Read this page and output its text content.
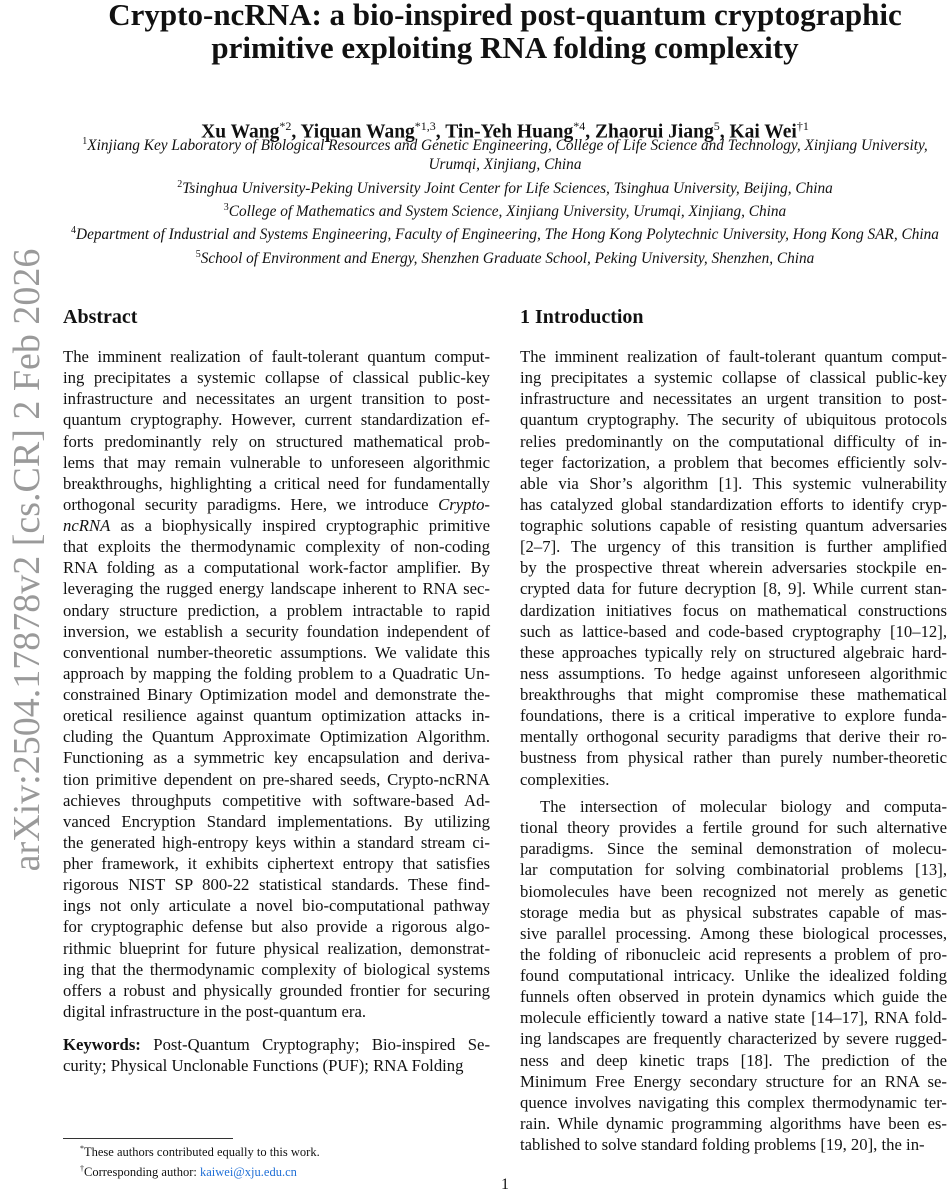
arXiv:2504.17878v2 [cs.CR] 2 Feb 2026
Crypto-ncRNA: a bio-inspired post-quantum cryptographic
primitive exploiting RNA folding complexity
Xu Wang$^{*2}$, Yiquan Wang$^{*1,3}$, Tin-Yeh Huang$^{*4}$, Zhaorui Jiang$^5$, Kai Wei$^{\dagger 1}$
$^1$Xinjiang Key Laboratory of Biological Resources and Genetic Engineering, College of Life Science and Technology, Xinjiang University, Urumqi, Xinjiang, China
$^2$Tsinghua University-Peking University Joint Center for Life Sciences, Tsinghua University, Beijing, China
$^3$College of Mathematics and System Science, Xinjiang University, Urumqi, Xinjiang, China
$^4$Department of Industrial and Systems Engineering, Faculty of Engineering, The Hong Kong Polytechnic University, Hong Kong SAR, China
$^5$School of Environment and Energy, Shenzhen Graduate School, Peking University, Shenzhen, China
Abstract
The imminent realization of fault-tolerant quantum comput-
ing precipitates a systemic collapse of classical public-key
infrastructure and necessitates an urgent transition to post-
quantum cryptography. However, current standardization ef-
forts predominantly rely on structured mathematical prob-
lems that may remain vulnerable to unforeseen algorithmic
breakthroughs, highlighting a critical need for fundamentally
orthogonal security paradigms. Here, we introduce Crypto-
ncRNA as a biophysically inspired cryptographic primitive
that exploits the thermodynamic complexity of non-coding
RNA folding as a computational work-factor amplifier. By
leveraging the rugged energy landscape inherent to RNA sec-
ondary structure prediction, a problem intractable to rapid
inversion, we establish a security foundation independent of
conventional number-theoretic assumptions. We validate this
approach by mapping the folding problem to a Quadratic Un-
constrained Binary Optimization model and demonstrate the-
oretical resilience against quantum optimization attacks in-
cluding the Quantum Approximate Optimization Algorithm.
Functioning as a symmetric key encapsulation and deriva-
tion primitive dependent on pre-shared seeds, Crypto-ncRNA
achieves throughputs competitive with software-based Ad-
vanced Encryption Standard implementations. By utilizing
the generated high-entropy keys within a standard stream ci-
pher framework, it exhibits ciphertext entropy that satisfies
rigorous NIST SP 800-22 statistical standards. These find-
ings not only articulate a novel bio-computational pathway
for cryptographic defense but also provide a rigorous algo-
rithmic blueprint for future physical realization, demonstrat-
ing that the thermodynamic complexity of biological systems
offers a robust and physically grounded frontier for securing
digital infrastructure in the post-quantum era.
Keywords: Post-Quantum Cryptography; Bio-inspired Se-
curity; Physical Unclonable Functions (PUF); RNA Folding
*These authors contributed equally to this work.
†Corresponding author: kaiwei@xju.edu.cn
1 Introduction
The imminent realization of fault-tolerant quantum comput-
ing precipitates a systemic collapse of classical public-key
infrastructure and necessitates an urgent transition to post-
quantum cryptography. The security of ubiquitous protocols
relies predominantly on the computational difficulty of in-
teger factorization, a problem that becomes efficiently solv-
able via Shor’s algorithm [1]. This systemic vulnerability
has catalyzed global standardization efforts to identify cryp-
tographic solutions capable of resisting quantum adversaries
[2–7]. The urgency of this transition is further amplified
by the prospective threat wherein adversaries stockpile en-
crypted data for future decryption [8, 9]. While current stan-
dardization initiatives focus on mathematical constructions
such as lattice-based and code-based cryptography [10–12],
these approaches typically rely on structured algebraic hard-
ness assumptions. To hedge against unforeseen algorithmic
breakthroughs that might compromise these mathematical
foundations, there is a critical imperative to explore funda-
mentally orthogonal security paradigms that derive their ro-
bustness from physical rather than purely number-theoretic
complexities.
The intersection of molecular biology and computa-
tional theory provides a fertile ground for such alternative
paradigms. Since the seminal demonstration of molecu-
lar computation for solving combinatorial problems [13],
biomolecules have been recognized not merely as genetic
storage media but as physical substrates capable of mas-
sive parallel processing. Among these biological processes,
the folding of ribonucleic acid represents a problem of pro-
found computational intricacy. Unlike the idealized folding
funnels often observed in protein dynamics which guide the
molecule efficiently toward a native state [14–17], RNA fold-
ing landscapes are frequently characterized by severe rugged-
ness and deep kinetic traps [18]. The prediction of the
Minimum Free Energy secondary structure for an RNA se-
quence involves navigating this complex thermodynamic ter-
rain. While dynamic programming algorithms have been es-
tablished to solve standard folding problems [19, 20], the in-
1
